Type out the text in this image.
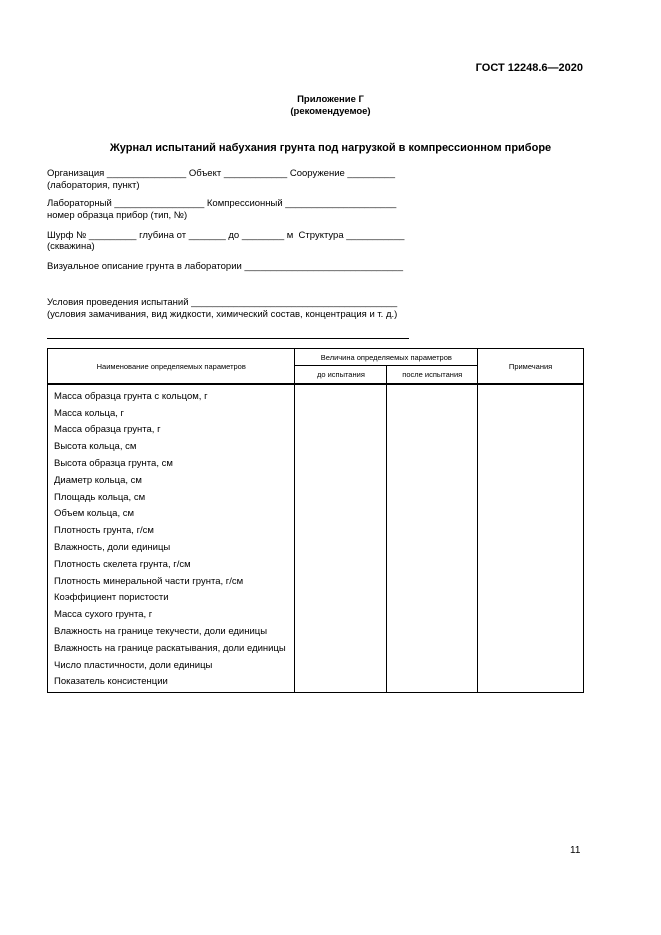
ГОСТ 12248.6—2020
Приложение Г
(рекомендуемое)
Журнал испытаний набухания грунта под нагрузкой в компрессионном приборе
Организация _______________ Объект ____________ Сооружение _________
(лаборатория, пункт)
Лабораторный _________________ Компрессионный _____________________
номер образца прибор (тип, №)
Шурф № _________ глубина от _______ до ________ м  Структура ___________
(скважина)
Визуальное описание грунта в лаборатории ______________________________
Условия проведения испытаний _______________________________________
(условия замачивания, вид жидкости, химический состав, концентрация и т. д.)
Наименование определяемых параметров	Величина определяемых параметров		Примечания
	до испытания	после испытания	
Масса образца грунта с кольцом, г			
Масса кольца, г			
Масса образца грунта, г			
Высота кольца, см			
Высота образца грунта, см			
Диаметр кольца, см			
Площадь кольца, см			
Объем кольца, см			
Плотность грунта, г/см			
Влажность, доли единицы			
Плотность скелета грунта, г/см			
Плотность минеральной части грунта, г/см			
Коэффициент пористости			
Масса сухого грунта, г			
Влажность на границе текучести, доли единицы			
Влажность на границе раскатывания, доли единицы			
Число пластичности, доли единицы			
Показатель консистенции			
11
